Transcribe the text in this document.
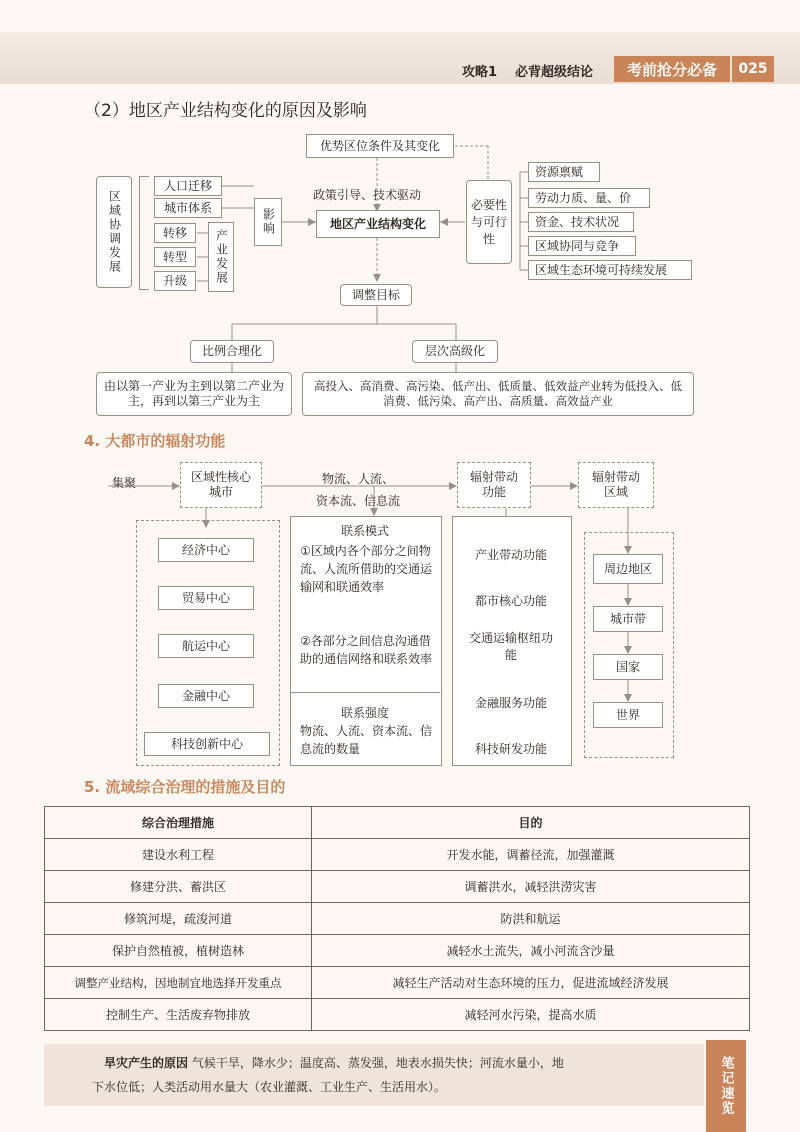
攻略1 必背超级结论	考前抢分必备	025
（2）地区产业结构变化的原因及影响
优势区位条件及其变化
政策引导、技术驱动
地区产业结构变化
区域协调发展
人口迁移
城市体系
转移
转型
升级	产业发展
影响
必要性与可行性
资源禀赋
劳动力质、量、价
资金、技术状况
区域协同与竞争
区域生态环境可持续发展
调整目标
比例合理化	层次高级化
由以第一产业为主到以第二产业为主，再到以第三产业为主
高投入、高消费、高污染、低产出、低质量、低效益产业转为低投入、低消费、低污染、高产出、高质量、高效益产业
4. 大都市的辐射功能
集聚	区域性核心城市
物流、人流、
资本流、信息流
辐射带动功能
辐射带动区域
经济中心
贸易中心
航运中心
金融中心
科技创新中心
联系模式
①区域内各个部分之间物流、人流所借助的交通运输网和联通效率
②各部分之间信息沟通借助的通信网络和联系效率
联系强度
物流、人流、资本流、信息流的数量
产业带动功能
都市核心功能
交通运输枢纽功能
金融服务功能
科技研发功能
周边地区
城市带
国家
世界
5. 流域综合治理的措施及目的
综合治理措施	目的
建设水利工程	开发水能，调蓄径流，加强灌溉
修建分洪、蓄洪区	调蓄洪水，减轻洪涝灾害
修筑河堤，疏浚河道	防洪和航运
保护自然植被，植树造林	减轻水土流失，减小河流含沙量
调整产业结构，因地制宜地选择开发重点	减轻生产活动对生态环境的压力，促进流域经济发展
控制生产、生活废弃物排放	减轻河水污染，提高水质
旱灾产生的原因 气候干旱，降水少；温度高、蒸发强，地表水损失快；河流水量小，地
下水位低；人类活动用水量大（农业灌溉、工业生产、生活用水）。	笔记速览
